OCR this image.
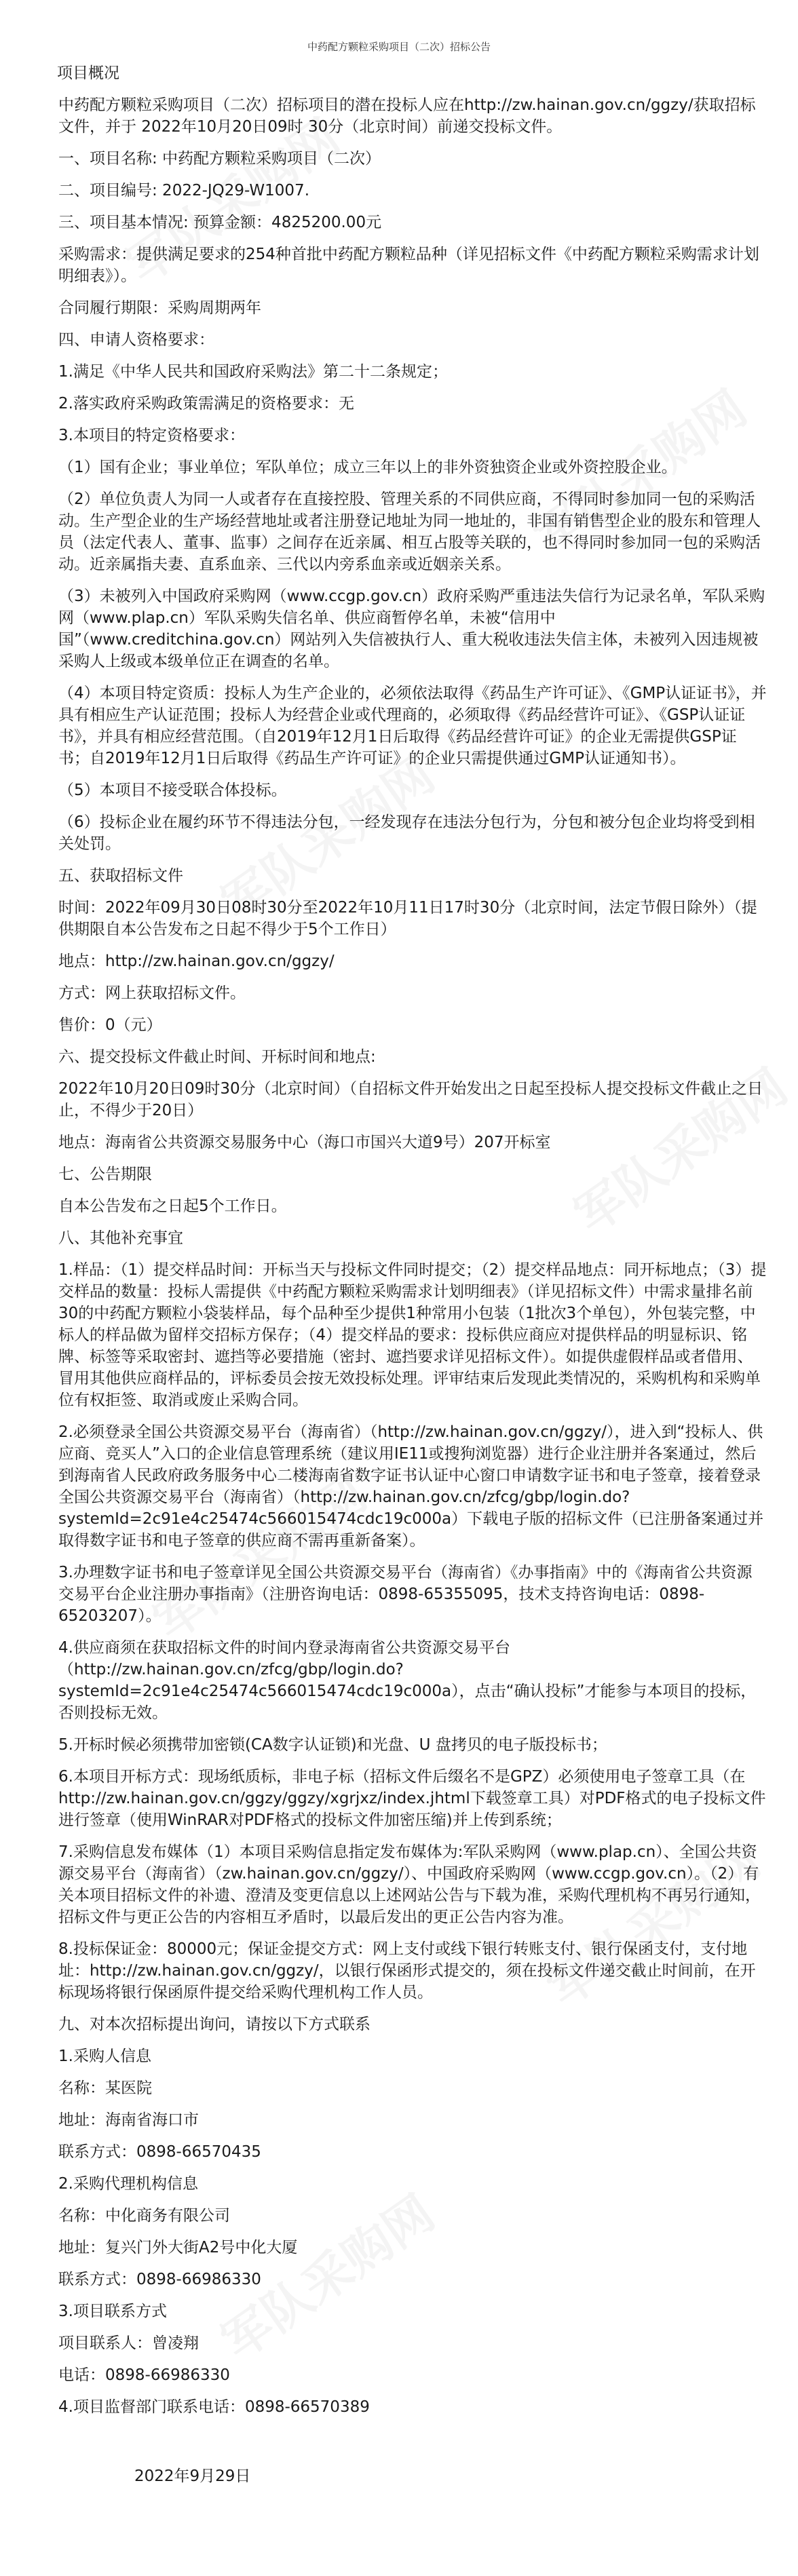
中药配方颗粒采购项目（二次）招标公告

项目概况

中药配方颗粒采购项目（二次）招标项目的潜在投标人应在http://zw.hainan.gov.cn/ggzy/获取招标文件，并于 2022年10月20日09时 30分（北京时间）前递交投标文件。

一、项目名称: 中药配方颗粒采购项目（二次）

二、项目编号: 2022-JQ29-W1007.

三、项目基本情况: 预算金额：4825200.00元

采购需求：提供满足要求的254种首批中药配方颗粒品种（详见招标文件《中药配方颗粒采购需求计划明细表》）。

合同履行期限：采购周期两年

四、申请人资格要求：

1.满足《中华人民共和国政府采购法》第二十二条规定；

2.落实政府采购政策需满足的资格要求：无

3.本项目的特定资格要求：

（1）国有企业；事业单位；军队单位；成立三年以上的非外资独资企业或外资控股企业。

（2）单位负责人为同一人或者存在直接控股、管理关系的不同供应商，不得同时参加同一包的采购活动。生产型企业的生产场经营地址或者注册登记地址为同一地址的，非国有销售型企业的股东和管理人员（法定代表人、董事、监事）之间存在近亲属、相互占股等关联的，也不得同时参加同一包的采购活动。近亲属指夫妻、直系血亲、三代以内旁系血亲或近姻亲关系。

（3）未被列入中国政府采购网（www.ccgp.gov.cn）政府采购严重违法失信行为记录名单，军队采购网（www.plap.cn）军队采购失信名单、供应商暂停名单，未被“信用中国”（www.creditchina.gov.cn）网站列入失信被执行人、重大税收违法失信主体，未被列入因违规被采购人上级或本级单位正在调查的名单。

（4）本项目特定资质：投标人为生产企业的，必须依法取得《药品生产许可证》、《GMP认证证书》，并具有相应生产认证范围；投标人为经营企业或代理商的，必须取得《药品经营许可证》、《GSP认证证书》，并具有相应经营范围。（自2019年12月1日后取得《药品经营许可证》的企业无需提供GSP证书；自2019年12月1日后取得《药品生产许可证》的企业只需提供通过GMP认证通知书）。

（5）本项目不接受联合体投标。

（6）投标企业在履约环节不得违法分包，一经发现存在违法分包行为，分包和被分包企业均将受到相关处罚。

五、获取招标文件

时间：2022年09月30日08时30分至2022年10月11日17时30分（北京时间，法定节假日除外）（提供期限自本公告发布之日起不得少于5个工作日）

地点：http://zw.hainan.gov.cn/ggzy/

方式：网上获取招标文件。

售价：0（元）

六、提交投标文件截止时间、开标时间和地点:

2022年10月20日09时30分（北京时间）（自招标文件开始发出之日起至投标人提交投标文件截止之日止，不得少于20日）

地点：海南省公共资源交易服务中心（海口市国兴大道9号）207开标室

七、公告期限

自本公告发布之日起5个工作日。

八、其他补充事宜

1.样品：（1）提交样品时间：开标当天与投标文件同时提交；（2）提交样品地点：同开标地点；（3）提交样品的数量：投标人需提供《中药配方颗粒采购需求计划明细表》（详见招标文件）中需求量排名前30的中药配方颗粒小袋装样品，每个品种至少提供1种常用小包装（1批次3个单包），外包装完整，中标人的样品做为留样交招标方保存；（4）提交样品的要求：投标供应商应对提供样品的明显标识、铭牌、标签等采取密封、遮挡等必要措施（密封、遮挡要求详见招标文件）。如提供虚假样品或者借用、冒用其他供应商样品的，评标委员会按无效投标处理。评审结束后发现此类情况的，采购机构和采购单位有权拒签、取消或废止采购合同。

2.必须登录全国公共资源交易平台（海南省）（http://zw.hainan.gov.cn/ggzy/），进入到“投标人、供应商、竞买人”入口的企业信息管理系统（建议用IE11或搜狗浏览器）进行企业注册并各案通过，然后到海南省人民政府政务服务中心二楼海南省数字证书认证中心窗口申请数字证书和电子签章，接着登录全国公共资源交易平台（海南省）（http://zw.hainan.gov.cn/zfcg/gbp/login.do?systemId=2c91e4c25474c566015474cdc19c000a）下载电子版的招标文件（已注册备案通过并取得数字证书和电子签章的供应商不需再重新备案）。

3.办理数字证书和电子签章详见全国公共资源交易平台（海南省）《办事指南》中的《海南省公共资源交易平台企业注册办事指南》（注册咨询电话：0898-65355095，技术支持咨询电话：0898-65203207）。

4.供应商须在获取招标文件的时间内登录海南省公共资源交易平台（http://zw.hainan.gov.cn/zfcg/gbp/login.do?systemId=2c91e4c25474c566015474cdc19c000a），点击“确认投标”才能参与本项目的投标，否则投标无效。

5.开标时候必须携带加密锁(CA数字认证锁)和光盘、U 盘拷贝的电子版投标书；

6.本项目开标方式：现场纸质标，非电子标（招标文件后缀名不是GPZ）必须使用电子签章工具（在http://zw.hainan.gov.cn/ggzy/ggzy/xgrjxz/index.jhtml下载签章工具）对PDF格式的电子投标文件进行签章（使用WinRAR对PDF格式的投标文件加密压缩)并上传到系统；

7.采购信息发布媒体（1）本项目采购信息指定发布媒体为:军队采购网（www.plap.cn）、全国公共资源交易平台（海南省）（zw.hainan.gov.cn/ggzy/）、中国政府采购网（www.ccgp.gov.cn）。（2）有关本项目招标文件的补遗、澄清及变更信息以上述网站公告与下载为准，采购代理机构不再另行通知，招标文件与更正公告的内容相互矛盾时，以最后发出的更正公告内容为准。

8.投标保证金：80000元；保证金提交方式：网上支付或线下银行转账支付、银行保函支付，支付地址：http://zw.hainan.gov.cn/ggzy/，以银行保函形式提交的，须在投标文件递交截止时间前，在开标现场将银行保函原件提交给采购代理机构工作人员。

九、对本次招标提出询问，请按以下方式联系

1.采购人信息

名称：某医院

地址：海南省海口市

联系方式：0898-66570435

2.采购代理机构信息

名称：中化商务有限公司

地址：复兴门外大街A2号中化大厦

联系方式：0898-66986330

3.项目联系方式

项目联系人：曾凌翔

电话：0898-66986330

4.项目监督部门联系电话：0898-66570389

2022年9月29日
